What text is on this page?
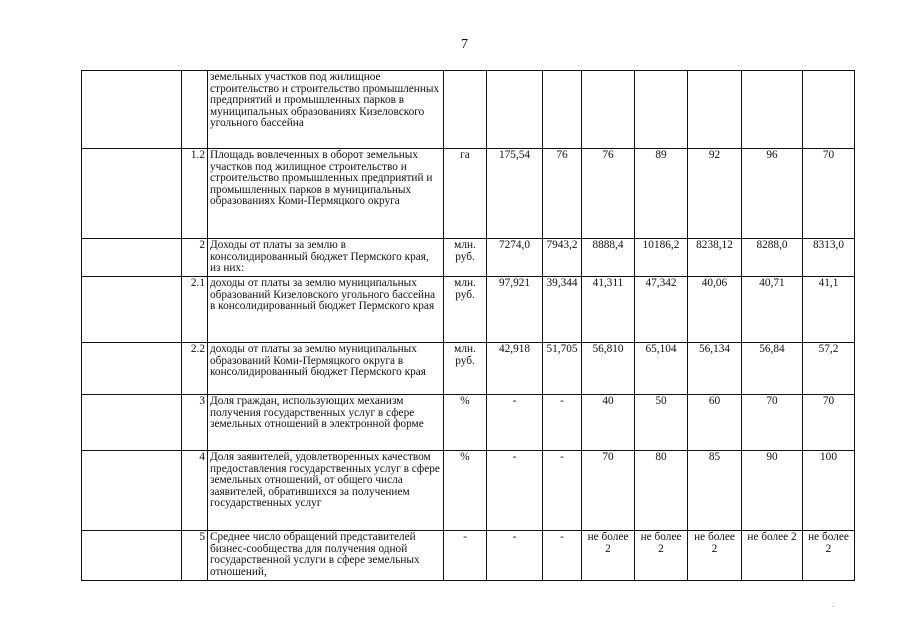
7
		земельных участков под жилищное строительство и строительство промышленных предприятий и промышленных парков в муниципальных образованиях Кизеловского угольного бассейна								
	1.2	Площадь вовлеченных в оборот земельных участков под жилищное строительство и строительство промышленных предприятий и промышленных парков в муниципальных образованиях Коми-Пермяцкого округа	га	175,54	76	76	89	92	96	70
	2	Доходы от платы за землю в консолидированный бюджет Пермского края, из них:	млн. руб.	7274,0	7943,2	8888,4	10186,2	8238,12	8288,0	8313,0
	2.1	доходы от платы за землю муниципальных образований Кизеловского угольного бассейна в консолидированный бюджет Пермского края	млн. руб.	97,921	39,344	41,311	47,342	40,06	40,71	41,1
	2.2	доходы от платы за землю муниципальных образований Коми-Пермяцкого округа в консолидированный бюджет Пермского края	млн. руб.	42,918	51,705	56,810	65,104	56,134	56,84	57,2
	3	Доля граждан, использующих механизм получения государственных услуг в сфере земельных отношений в электронной форме	%	-	-	40	50	60	70	70
	4	Доля заявителей, удовлетворенных качеством предоставления государственных услуг в сфере земельных отношений, от общего числа заявителей, обратившихся за получением государственных услуг	%	-	-	70	80	85	90	100
	5	Среднее число обращений представителей бизнес-сообщества для получения одной государственной услуги в сфере земельных отношений,	-	-	-	не более 2	не более 2	не более 2	не более 2	не более 2
